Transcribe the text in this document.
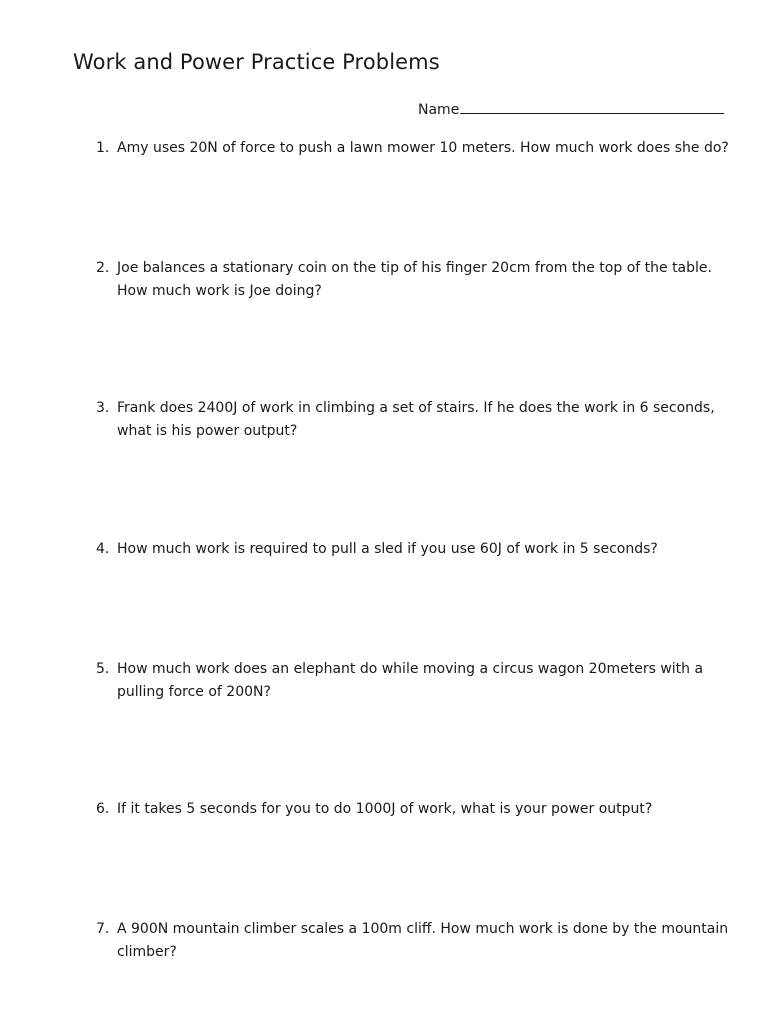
Work and Power Practice Problems
Name
1. Amy uses 20N of force to push a lawn mower 10 meters. How much work does she do?
2. Joe balances a stationary coin on the tip of his finger 20cm from the top of the table. How much work is Joe doing?
3. Frank does 2400J of work in climbing a set of stairs. If he does the work in 6 seconds, what is his power output?
4. How much work is required to pull a sled if you use 60J of work in 5 seconds?
5. How much work does an elephant do while moving a circus wagon 20meters with a pulling force of 200N?
6. If it takes 5 seconds for you to do 1000J of work, what is your power output?
7. A 900N mountain climber scales a 100m cliff. How much work is done by the mountain climber?
